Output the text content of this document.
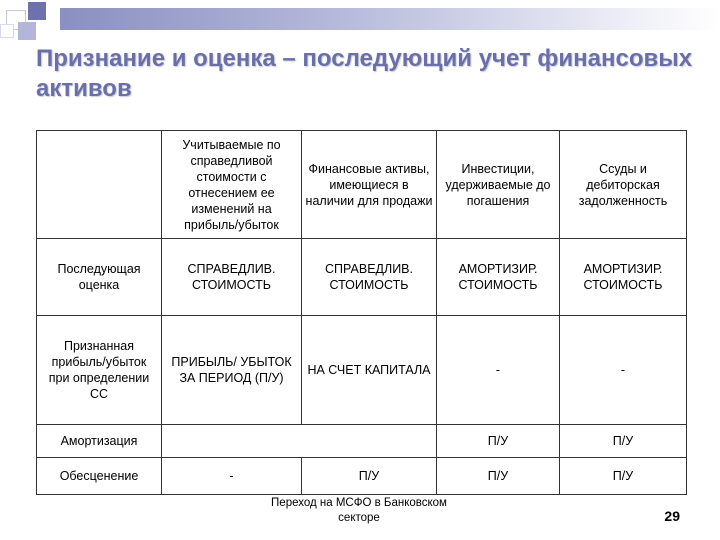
Признание и оценка – последующий учет финансовых активов
	Учитываемые по справедливой стоимости с отнесением ее изменений на прибыль/убыток	Финансовые активы, имеющиеся в наличии для продажи	Инвестиции, удерживаемые до погашения	Ссуды и дебиторская задолженность
Последующая оценка	СПРАВЕДЛИВ. СТОИМОСТЬ	СПРАВЕДЛИВ. СТОИМОСТЬ	АМОРТИЗИР. СТОИМОСТЬ	АМОРТИЗИР. СТОИМОСТЬ
Признанная прибыль/убыток при определении СС	ПРИБЫЛЬ/ УБЫТОК ЗА ПЕРИОД (П/У)	НА СЧЕТ КАПИТАЛА	-	-
Амортизация			П/У	П/У
Обесценение	-	П/У	П/У	П/У
Переход на МСФО в Банковском секторе	29
